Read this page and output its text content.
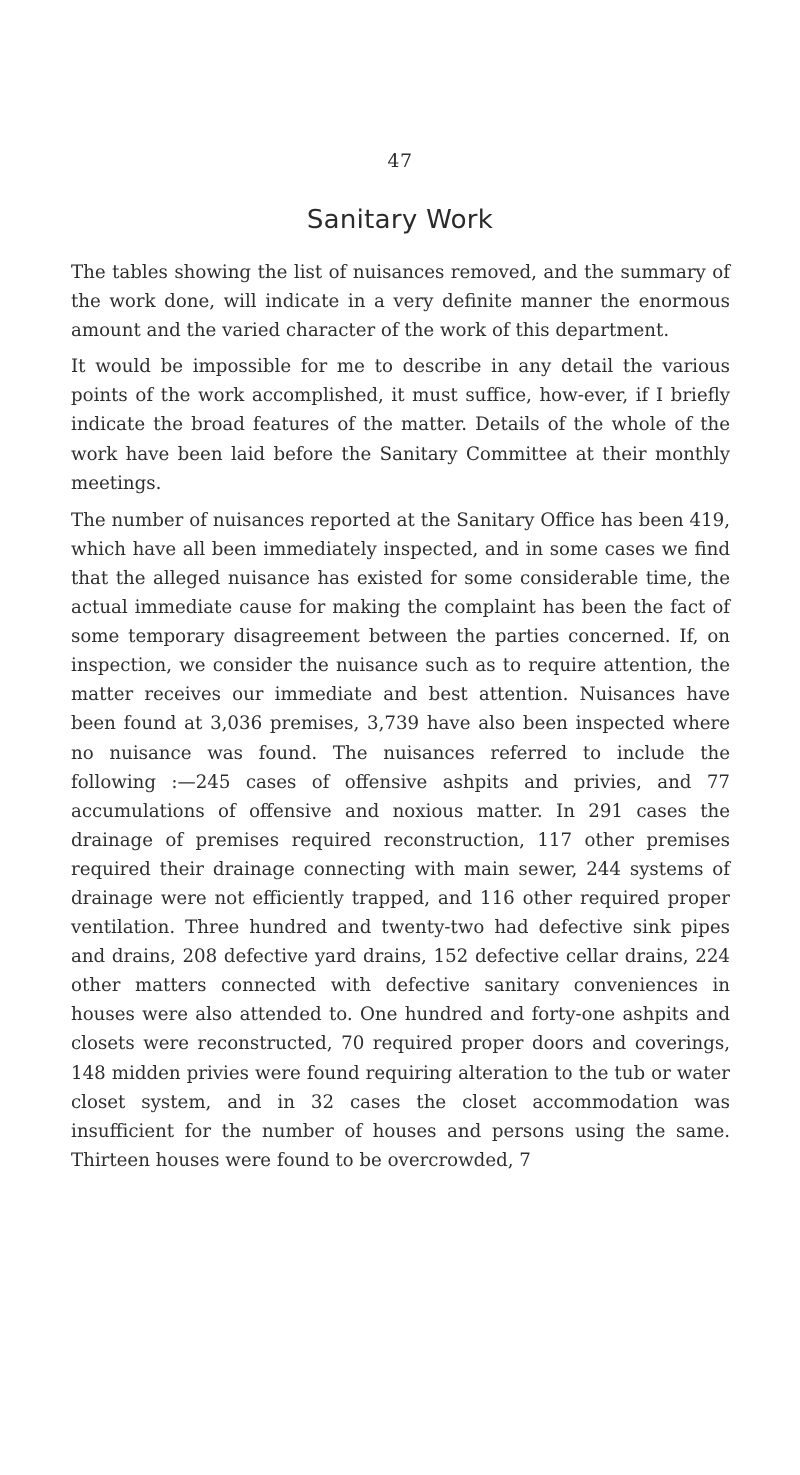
47
Sanitary Work

The tables showing the list of nuisances removed, and the summary of the work done, will indicate in a very definite manner the enormous amount and the varied character of the work of this department.

It would be impossible for me to describe in any detail the various points of the work accomplished, it must suffice, how-ever, if I briefly indicate the broad features of the matter. Details of the whole of the work have been laid before the Sanitary Committee at their monthly meetings.

The number of nuisances reported at the Sanitary Office has been 419, which have all been immediately inspected, and in some cases we find that the alleged nuisance has existed for some considerable time, the actual immediate cause for making the complaint has been the fact of some temporary disagreement between the parties concerned. If, on inspection, we consider the nuisance such as to require attention, the matter receives our immediate and best attention. Nuisances have been found at 3,036 premises, 3,739 have also been inspected where no nuisance was found. The nuisances referred to include the following :—245 cases of offensive ashpits and privies, and 77 accumulations of offensive and noxious matter. In 291 cases the drainage of premises required reconstruction, 117 other premises required their drainage connecting with main sewer, 244 systems of drainage were not efficiently trapped, and 116 other required proper ventilation. Three hundred and twenty-two had defective sink pipes and drains, 208 defective yard drains, 152 defective cellar drains, 224 other matters connected with defective sanitary conveniences in houses were also attended to. One hundred and forty-one ashpits and closets were reconstructed, 70 required proper doors and coverings, 148 midden privies were found requiring alteration to the tub or water closet system, and in 32 cases the closet accommodation was insufficient for the number of houses and persons using the same. Thirteen houses were found to be overcrowded, 7
